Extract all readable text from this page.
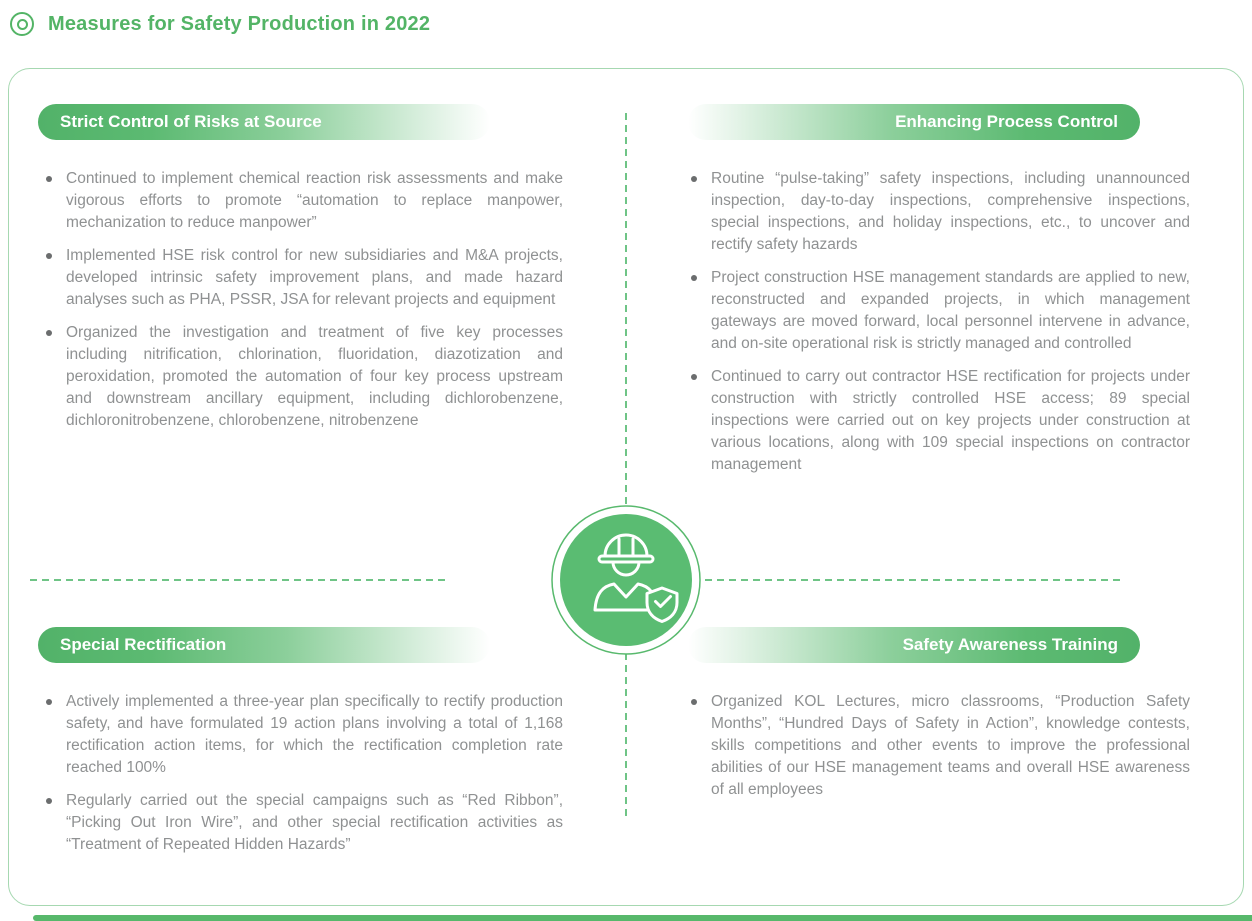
Measures for Safety Production in 2022
Strict Control of Risks at Source	Enhancing Process Control
Special Rectification	Safety Awareness Training
Continued to implement chemical reaction risk assessments and make vigorous efforts to promote “automation to replace manpower, mechanization to reduce manpower”
Implemented HSE risk control for new subsidiaries and M&A projects, developed intrinsic safety improvement plans, and made hazard analyses such as PHA, PSSR, JSA for relevant projects and equipment
Organized the investigation and treatment of five key processes including nitrification, chlorination, fluoridation, diazotization and peroxidation, promoted the automation of four key process upstream and downstream ancillary equipment, including dichlorobenzene, dichloronitrobenzene, chlorobenzene, nitrobenzene
Routine “pulse-taking” safety inspections, including unannounced inspection, day-to-day inspections, comprehensive inspections, special inspections, and holiday inspections, etc., to uncover and rectify safety hazards
Project construction HSE management standards are applied to new, reconstructed and expanded projects, in which management gateways are moved forward, local personnel intervene in advance, and on-site operational risk is strictly managed and controlled
Continued to carry out contractor HSE rectification for projects under construction with strictly controlled HSE access; 89 special inspections were carried out on key projects under construction at various locations, along with 109 special inspections on contractor management
Actively implemented a three-year plan specifically to rectify production safety, and have formulated 19 action plans involving a total of 1,168 rectification action items, for which the rectification completion rate reached 100%
Regularly carried out the special campaigns such as “Red Ribbon”, “Picking Out Iron Wire”, and other special rectification activities as “Treatment of Repeated Hidden Hazards”
Organized KOL Lectures, micro classrooms, “Production Safety Months”, “Hundred Days of Safety in Action”, knowledge contests, skills competitions and other events to improve the professional abilities of our HSE management teams and overall HSE awareness of all employees
